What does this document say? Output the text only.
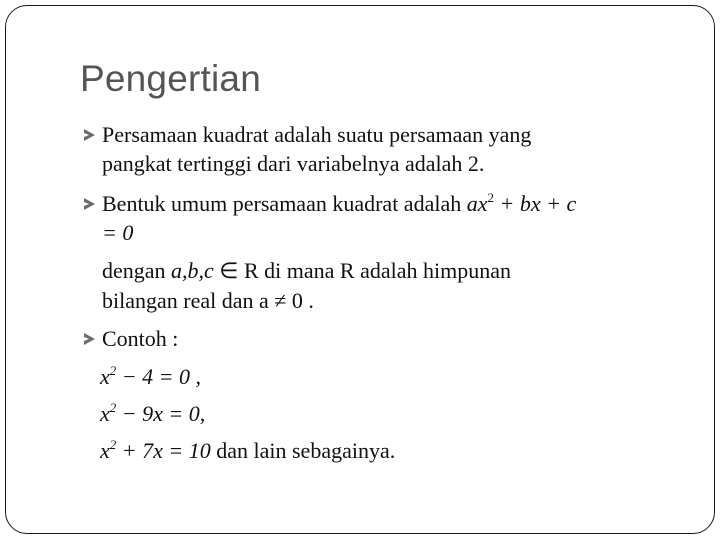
Pengertian
Persamaan kuadrat adalah suatu persamaan yang
pangkat tertinggi dari variabelnya adalah 2.
Bentuk umum persamaan kuadrat adalah $ax^2$ + bx + c
= 0
dengan a,b,c ∈ R di mana R adalah himpunan
bilangan real dan a ≠ 0 .
Contoh :
$x^2 - 4 = 0$ ,
$x^2 - 9x = 0$,
$x^2 + 7x = 10$ dan lain sebagainya.
